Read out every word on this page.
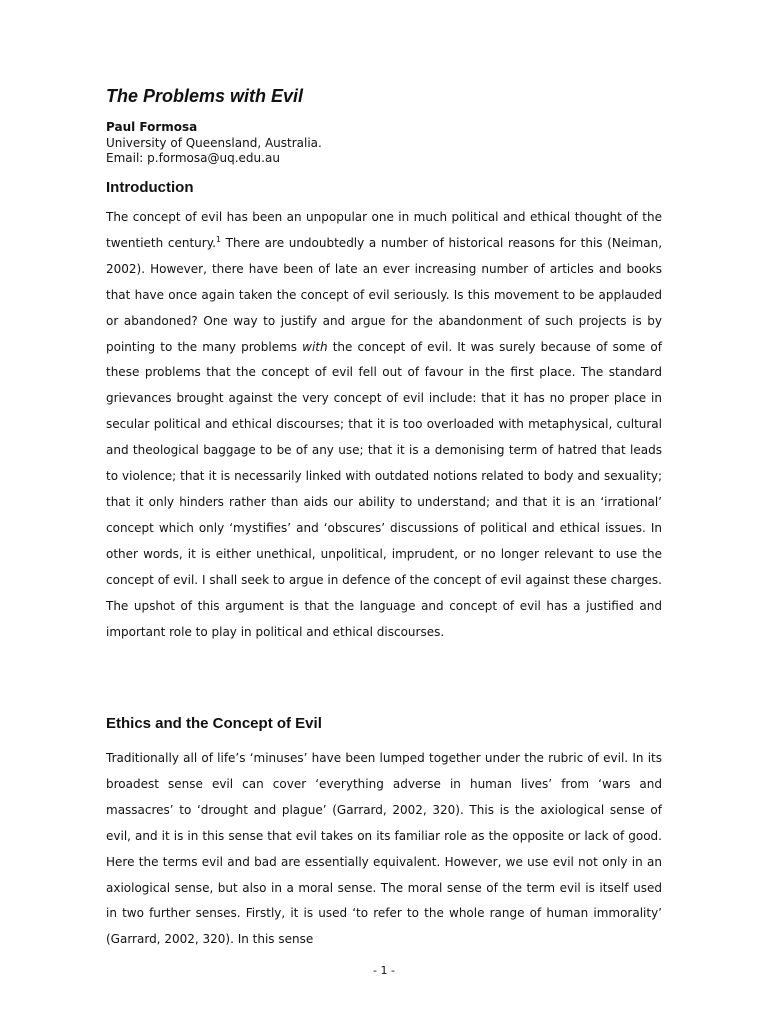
The Problems with Evil
Paul Formosa
University of Queensland, Australia.
Email: p.formosa@uq.edu.au
Introduction

The concept of evil has been an unpopular one in much political and ethical thought of the twentieth century.$^1$ There are undoubtedly a number of historical reasons for this (Neiman, 2002). However, there have been of late an ever increasing number of articles and books that have once again taken the concept of evil seriously. Is this movement to be applauded or abandoned? One way to justify and argue for the abandonment of such projects is by pointing to the many problems with the concept of evil. It was surely because of some of these problems that the concept of evil fell out of favour in the first place. The standard grievances brought against the very concept of evil include: that it has no proper place in secular political and ethical discourses; that it is too overloaded with metaphysical, cultural and theological baggage to be of any use; that it is a demonising term of hatred that leads to violence; that it is necessarily linked with outdated notions related to body and sexuality; that it only hinders rather than aids our ability to understand; and that it is an ‘irrational’ concept which only ‘mystifies’ and ‘obscures’ discussions of political and ethical issues. In other words, it is either unethical, unpolitical, imprudent, or no longer relevant to use the concept of evil. I shall seek to argue in defence of the concept of evil against these charges. The upshot of this argument is that the language and concept of evil has a justified and important role to play in political and ethical discourses.

Ethics and the Concept of Evil

Traditionally all of life’s ‘minuses’ have been lumped together under the rubric of evil. In its broadest sense evil can cover ‘everything adverse in human lives’ from ‘wars and massacres’ to ‘drought and plague’ (Garrard, 2002, 320). This is the axiological sense of evil, and it is in this sense that evil takes on its familiar role as the opposite or lack of good. Here the terms evil and bad are essentially equivalent. However, we use evil not only in an axiological sense, but also in a moral sense. The moral sense of the term evil is itself used in two further senses. Firstly, it is used ‘to refer to the whole range of human immorality’ (Garrard, 2002, 320). In this sense

- 1 -
